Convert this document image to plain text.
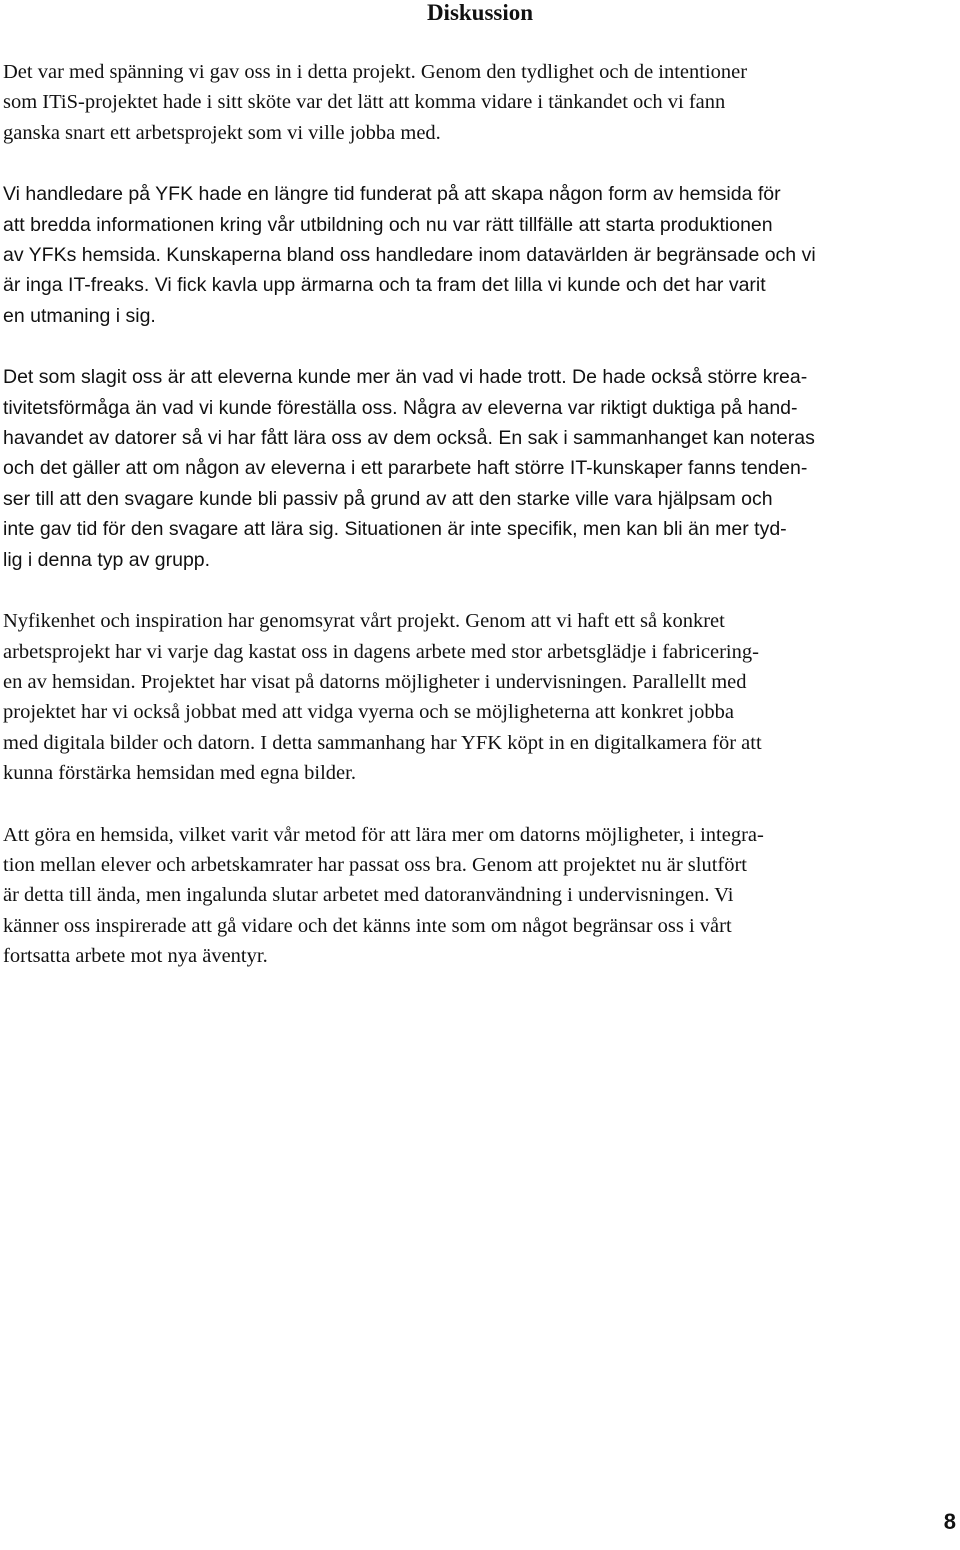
Diskussion

Det var med spänning vi gav oss in i detta projekt. Genom den tydlighet och de intentioner
som ITiS-projektet hade i sitt sköte var det lätt att komma vidare i tänkandet och vi fann
ganska snart ett arbetsprojekt som vi ville jobba med.

Vi handledare på YFK hade en längre tid funderat på att skapa någon form av hemsida för
att bredda informationen kring vår utbildning och nu var rätt tillfälle att starta produktionen
av YFKs hemsida. Kunskaperna bland oss handledare inom datavärlden är begränsade och vi
är inga IT-freaks. Vi fick kavla upp ärmarna och ta fram det lilla vi kunde och det har varit
en utmaning i sig.

Det som slagit oss är att eleverna kunde mer än vad vi hade trott. De hade också större krea-
tivitetsförmåga än vad vi kunde föreställa oss. Några av eleverna var riktigt duktiga på hand-
havandet av datorer så vi har fått lära oss av dem också. En sak i sammanhanget kan noteras
och det gäller att om någon av eleverna i ett pararbete haft större IT-kunskaper fanns tenden-
ser till att den svagare kunde bli passiv på grund av att den starke ville vara hjälpsam och
inte gav tid för den svagare att lära sig. Situationen är inte specifik, men kan bli än mer tyd-
lig i denna typ av grupp.

Nyfikenhet och inspiration har genomsyrat vårt projekt. Genom att vi haft ett så konkret
arbetsprojekt har vi varje dag kastat oss in dagens arbete med stor arbetsglädje i fabricering-
en av hemsidan. Projektet har visat på datorns möjligheter i undervisningen. Parallellt med
projektet har vi också jobbat med att vidga vyerna och se möjligheterna att konkret jobba
med digitala bilder och datorn. I detta sammanhang har YFK köpt in en digitalkamera för att
kunna förstärka hemsidan med egna bilder.

Att göra en hemsida, vilket varit vår metod för att lära mer om datorns möjligheter, i integra-
tion mellan elever och arbetskamrater har passat oss bra. Genom att projektet nu är slutfört
är detta till ända, men ingalunda slutar arbetet med datoranvändning i undervisningen. Vi
känner oss inspirerade att gå vidare och det känns inte som om något begränsar oss i vårt
fortsatta arbete mot nya äventyr.

8
